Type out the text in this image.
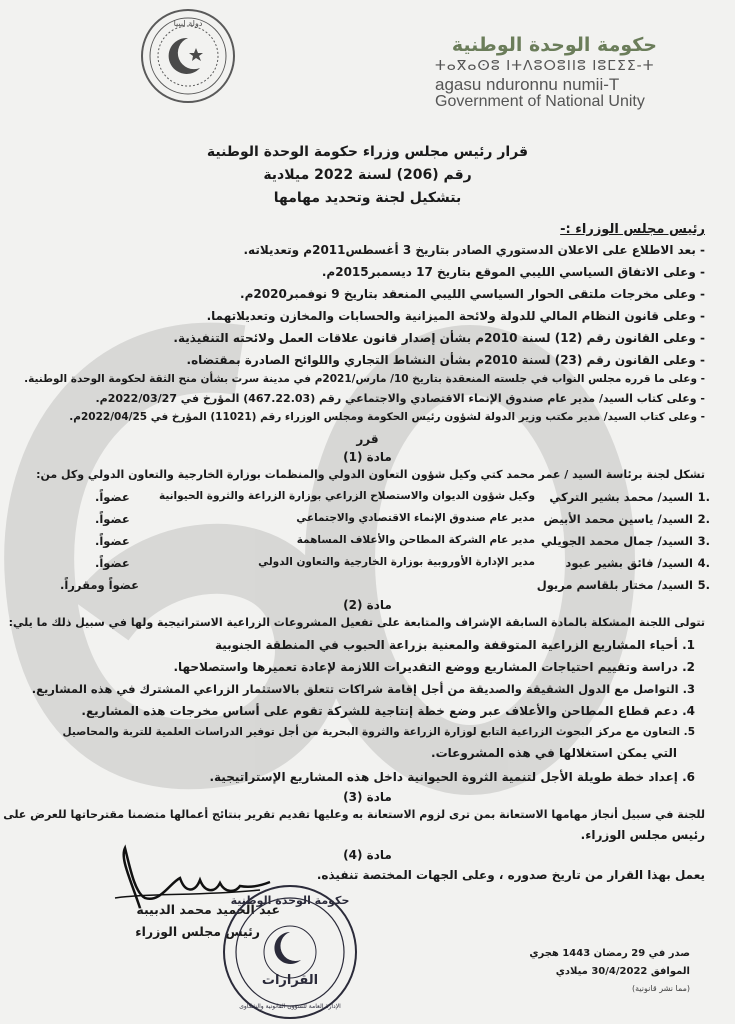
دولة ليبيا
حكومة الوحدة الوطنية
ⵜⴰⴳⴰⵙⵓ ⵏⵜⴷⵓⵔⵓⵏⵏⵓ ⵏⵓⵎⵉⵉ-ⵜ
agasu nduronnu numii-T
Government of National Unity
قرار رئيس مجلس وزراء حكومة الوحدة الوطنية
رقم (206) لسنة 2022 ميلادية
بتشكيل لجنة وتحديد مهامها
رئيس مجلس الوزراء :-
- بعد الاطلاع على الاعلان الدستوري الصادر بتاريخ 3 أغسطس2011م وتعديلاته.
- وعلى الاتفاق السياسي الليبي الموقع بتاريخ 17 ديسمبر2015م.
- وعلى مخرجات ملتقى الحوار السياسي الليبي المنعقد بتاريخ 9 نوفمبر2020م.
- وعلى قانون النظام المالي للدولة ولائحة الميزانية والحسابات والمخازن وتعديلاتهما.
- وعلى القانون رقم (12) لسنة 2010م بشأن إصدار قانون علاقات العمل ولائحته التنفيذية.
- وعلى القانون رقم (23) لسنة 2010م بشأن النشاط التجاري واللوائح الصادرة بمقتضاه.
- وعلى ما قرره مجلس النواب في جلسته المنعقدة بتاريخ 10/ مارس/2021م في مدينة سرت بشأن منح الثقة لحكومة الوحدة الوطنية.
- وعلى كتاب السيد/ مدير عام صندوق الإنماء الاقتصادي والاجتماعي رقم (467.22.03) المؤرخ في 2022/03/27م.
- وعلى كتاب السيد/ مدير مكتب وزير الدولة لشؤون رئيس الحكومة ومجلس الوزراء رقم (11021) المؤرخ في 2022/04/25م.
قرر
مادة (1)
تشكل لجنة برئاسة السيد / عمر محمد كتي وكيل شؤون التعاون الدولي والمنظمات بوزارة الخارجية والتعاون الدولي وكل من:
1.
السيد/ محمد بشير التركي
وكيل شؤون الديوان والاستصلاح الزراعي بوزارة الزراعة والثروة الحيوانية
عضواً.
2.
السيد/ ياسين محمد الأبيض
مدير عام صندوق الإنماء الاقتصادي والاجتماعي
عضواً.
3.
السيد/ جمال محمد الجويلي
مدير عام الشركة المطاحن والأعلاف المساهمة
عضواً.
4.
السيد/ فائق بشير عبود
مدير الإدارة الأوروبية بوزارة الخارجية والتعاون الدولي
عضواً.
5.
السيد/ مختار بلقاسم مريول
عضواً ومقرراً.
مادة (2)
تتولى اللجنة المشكلة بالمادة السابقة الإشراف والمتابعة على تفعيل المشروعات الزراعية الاستراتيجية ولها في سبيل ذلك ما يلي:
1. أحياء المشاريع الزراعية المتوقفة والمعنية بزراعة الحبوب في المنطقة الجنوبية
2. دراسة وتقييم احتياجات المشاريع ووضع التقديرات اللازمة لإعادة تعميرها واستصلاحها.
3. التواصل مع الدول الشقيقة والصديقة من أجل إقامة شراكات تتعلق بالاستثمار الزراعي المشترك في هذه المشاريع.
4. دعم قطاع المطاحن والأعلاف عبر وضع خطة إنتاجية للشركة تقوم على أساس مخرجات هذه المشاريع.
5. التعاون مع مركز البحوث الزراعية التابع لوزارة الزراعة والثروة البحرية من أجل توفير الدراسات العلمية للتربة والمحاصيل
التي يمكن استغلالها في هذه المشروعات.
6. إعداد خطة طويلة الأجل لتنمية الثروة الحيوانية داخل هذه المشاريع الإستراتيجية.
مادة (3)
للجنة في سبيل أنجاز مهامها الاستعانة بمن ترى لزوم الاستعانة به وعليها تقديم تقرير بنتائج أعمالها متضمنا مقترحاتها للعرض على
رئيس مجلس الوزراء.
مادة (4)
يعمل بهذا القرار من تاريخ صدوره ، وعلى الجهات المختصة تنفيذه.
عبد الحميد محمد الدبيبة
رئيس مجلس الوزراء
القرارات
حكومة الوحدة الوطنية
الإدارة العامة للشؤون القانونية والشكاوى
صدر في 29 رمضان 1443 هجري
الموافق 30/4/2022 ميلادي
(مما نشر قانونية)
